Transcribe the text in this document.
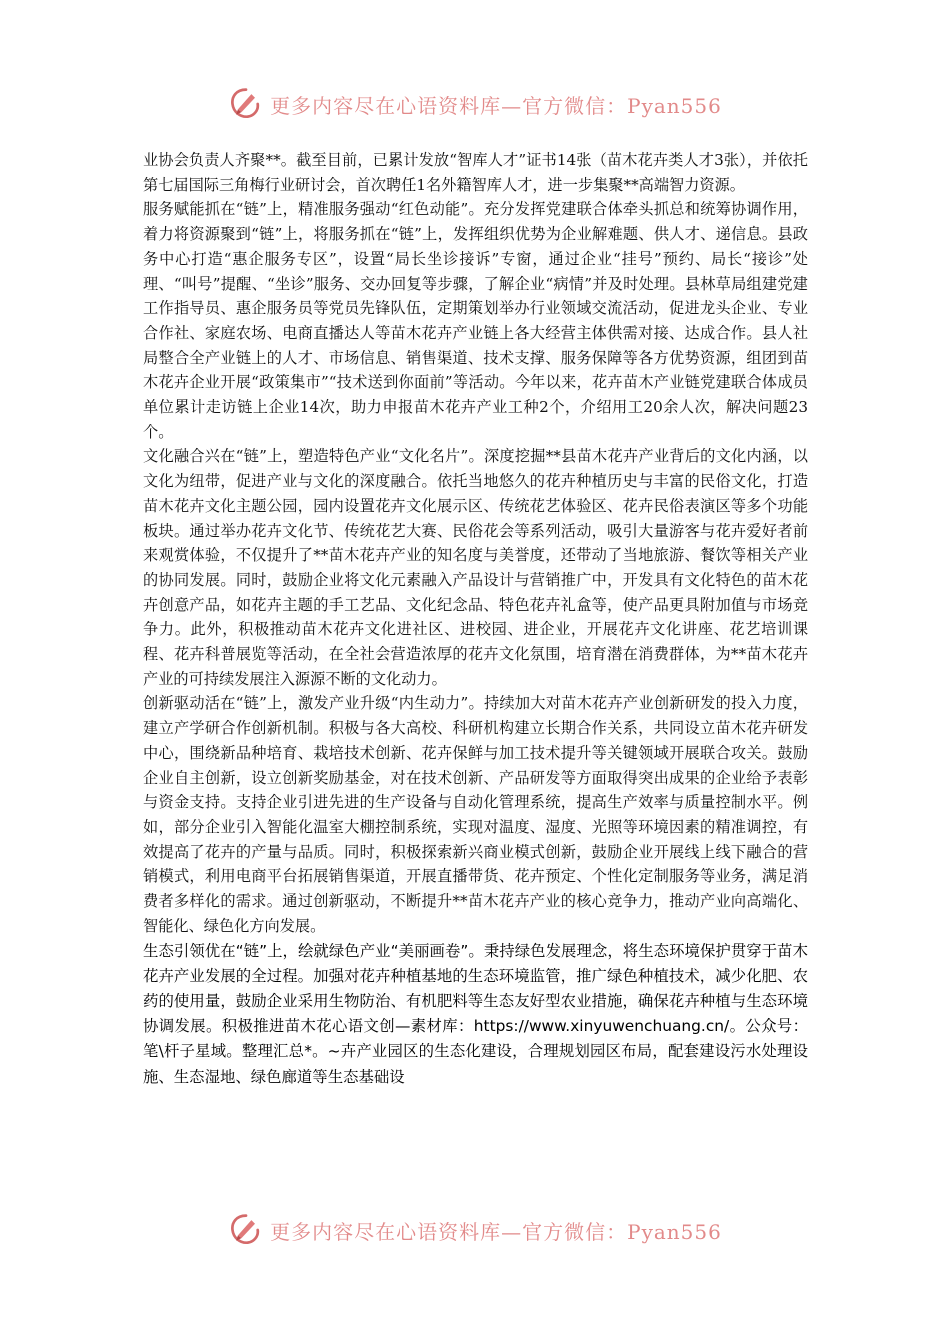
更多内容尽在心语资料库—官方微信：Pyan556

业协会负责人齐聚**。截至目前，已累计发放“智库人才”证书14张（苗木花卉类人才3张），并依托第七届国际三角梅行业研讨会，首次聘任1名外籍智库人才，进一步集聚**高端智力资源。

服务赋能抓在“链”上，精准服务强动“红色动能”。充分发挥党建联合体牵头抓总和统筹协调作用，着力将资源聚到“链”上，将服务抓在“链”上，发挥组织优势为企业解难题、供人才、递信息。县政务中心打造“惠企服务专区”，设置“局长坐诊接诉”专窗，通过企业“挂号”预约、局长“接诊”处理、“叫号”提醒、“坐诊”服务、交办回复等步骤，了解企业“病情”并及时处理。县林草局组建党建工作指导员、惠企服务员等党员先锋队伍，定期策划举办行业领域交流活动，促进龙头企业、专业合作社、家庭农场、电商直播达人等苗木花卉产业链上各大经营主体供需对接、达成合作。县人社局整合全产业链上的人才、市场信息、销售渠道、技术支撑、服务保障等各方优势资源，组团到苗木花卉企业开展“政策集市”“技术送到你面前”等活动。今年以来，花卉苗木产业链党建联合体成员单位累计走访链上企业14次，助力申报苗木花卉产业工种2个，介绍用工20余人次，解决问题23个。

文化融合兴在“链”上，塑造特色产业“文化名片”。深度挖掘**县苗木花卉产业背后的文化内涵，以文化为纽带，促进产业与文化的深度融合。依托当地悠久的花卉种植历史与丰富的民俗文化，打造苗木花卉文化主题公园，园内设置花卉文化展示区、传统花艺体验区、花卉民俗表演区等多个功能板块。通过举办花卉文化节、传统花艺大赛、民俗花会等系列活动，吸引大量游客与花卉爱好者前来观赏体验，不仅提升了**苗木花卉产业的知名度与美誉度，还带动了当地旅游、餐饮等相关产业的协同发展。同时，鼓励企业将文化元素融入产品设计与营销推广中，开发具有文化特色的苗木花卉创意产品，如花卉主题的手工艺品、文化纪念品、特色花卉礼盒等，使产品更具附加值与市场竞争力。此外，积极推动苗木花卉文化进社区、进校园、进企业，开展花卉文化讲座、花艺培训课程、花卉科普展览等活动，在全社会营造浓厚的花卉文化氛围，培育潜在消费群体，为**苗木花卉产业的可持续发展注入源源不断的文化动力。

创新驱动活在“链”上，激发产业升级“内生动力”。持续加大对苗木花卉产业创新研发的投入力度，建立产学研合作创新机制。积极与各大高校、科研机构建立长期合作关系，共同设立苗木花卉研发中心，围绕新品种培育、栽培技术创新、花卉保鲜与加工技术提升等关键领域开展联合攻关。鼓励企业自主创新，设立创新奖励基金，对在技术创新、产品研发等方面取得突出成果的企业给予表彰与资金支持。支持企业引进先进的生产设备与自动化管理系统，提高生产效率与质量控制水平。例如，部分企业引入智能化温室大棚控制系统，实现对温度、湿度、光照等环境因素的精准调控，有效提高了花卉的产量与品质。同时，积极探索新兴商业模式创新，鼓励企业开展线上线下融合的营销模式，利用电商平台拓展销售渠道，开展直播带货、花卉预定、个性化定制服务等业务，满足消费者多样化的需求。通过创新驱动，不断提升**苗木花卉产业的核心竞争力，推动产业向高端化、智能化、绿色化方向发展。

生态引领优在“链”上，绘就绿色产业“美丽画卷”。秉持绿色发展理念，将生态环境保护贯穿于苗木花卉产业发展的全过程。加强对花卉种植基地的生态环境监管，推广绿色种植技术，减少化肥、农药的使用量，鼓励企业采用生物防治、有机肥料等生态友好型农业措施，确保花卉种植与生态环境协调发展。积极推进苗木花心语文创—素材库：https://www.xinyuwenchuang.cn/。公众号：笔\杆子星域。整理汇总*。~卉产业园区的生态化建设，合理规划园区布局，配套建设污水处理设施、生态湿地、绿色廊道等生态基础设

更多内容尽在心语资料库—官方微信：Pyan556
